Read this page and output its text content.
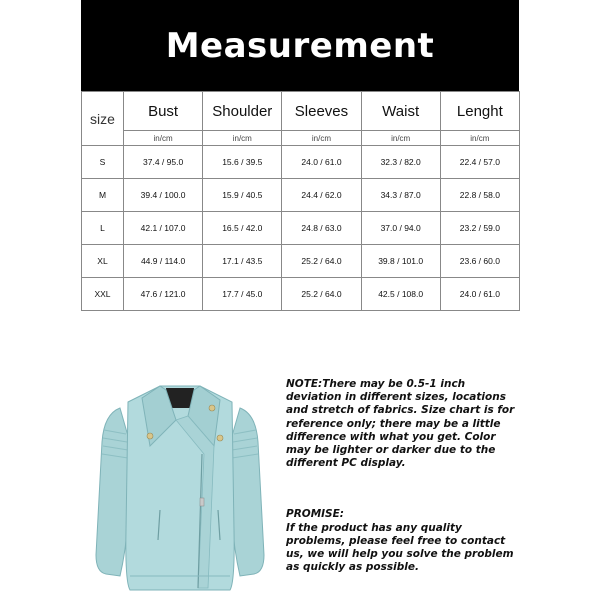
Measurement
size	Bust	Shoulder	Sleeves	Waist	Lenght
	in/cm	in/cm	in/cm	in/cm	in/cm
S	37.4 / 95.0	15.6 / 39.5	24.0 / 61.0	32.3 / 82.0	22.4 / 57.0
M	39.4 / 100.0	15.9 / 40.5	24.4 / 62.0	34.3 / 87.0	22.8 / 58.0
L	42.1 / 107.0	16.5 / 42.0	24.8 / 63.0	37.0 / 94.0	23.2 / 59.0
XL	44.9 / 114.0	17.1 / 43.5	25.2 / 64.0	39.8 / 101.0	23.6 / 60.0
XXL	47.6 / 121.0	17.7 / 45.0	25.2 / 64.0	42.5 / 108.0	24.0 / 61.0

NOTE:There may be 0.5-1 inch deviation in different sizes, locations and stretch of fabrics. Size chart is for reference only; there may be a little difference with what you get. Color may be lighter or darker due to the different PC display.

PROMISE:

If the product has any quality problems, please feel free to contact us, we will help you solve the problem as quickly as possible.
